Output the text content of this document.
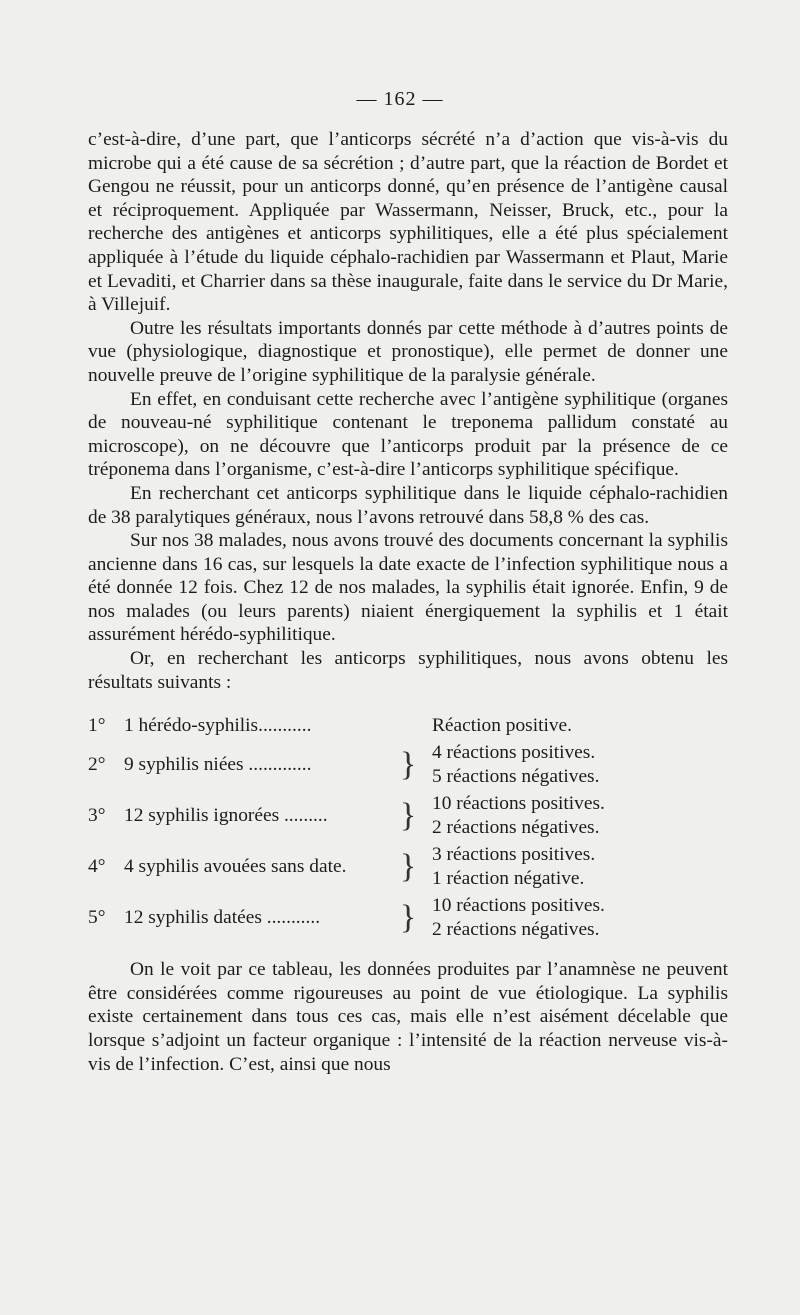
— 162 —

c’est-à-dire, d’une part, que l’anticorps sécrété n’a d’action que vis-à-vis du microbe qui a été cause de sa sécrétion ; d’autre part, que la réaction de Bordet et Gengou ne réussit, pour un anticorps donné, qu’en présence de l’antigène causal et réciproquement. Appliquée par Wassermann, Neisser, Bruck, etc., pour la recherche des antigènes et anticorps syphilitiques, elle a été plus spécialement appliquée à l’étude du liquide céphalo-rachidien par Wassermann et Plaut, Marie et Levaditi, et Charrier dans sa thèse inaugurale, faite dans le service du Dr Marie, à Villejuif.

Outre les résultats importants donnés par cette méthode à d’autres points de vue (physiologique, diagnostique et pronostique), elle permet de donner une nouvelle preuve de l’origine syphilitique de la paralysie générale.

En effet, en conduisant cette recherche avec l’antigène syphilitique (organes de nouveau-né syphilitique contenant le treponema pallidum constaté au microscope), on ne découvre que l’anticorps produit par la présence de ce tréponema dans l’organisme, c’est-à-dire l’anticorps syphilitique spécifique.

En recherchant cet anticorps syphilitique dans le liquide céphalo-rachidien de 38 paralytiques généraux, nous l’avons retrouvé dans 58,8 % des cas.

Sur nos 38 malades, nous avons trouvé des documents concernant la syphilis ancienne dans 16 cas, sur lesquels la date exacte de l’infection syphilitique nous a été donnée 12 fois. Chez 12 de nos malades, la syphilis était ignorée. Enfin, 9 de nos malades (ou leurs parents) niaient énergiquement la syphilis et 1 était assurément hérédo-syphilitique.

Or, en recherchant les anticorps syphilitiques, nous avons obtenu les résultats suivants :

1° 1 hérédo-syphilis...........	Réaction positive.
2° 9 syphilis niées .............	} 4 réactions positives.
5 réactions négatives.
3° 12 syphilis ignorées .........	} 10 réactions positives.
2 réactions négatives.
4° 4 syphilis avouées sans date.	} 3 réactions positives.
1 réaction négative.
5° 12 syphilis datées ...........	} 10 réactions positives.
2 réactions négatives.

On le voit par ce tableau, les données produites par l’anamnèse ne peuvent être considérées comme rigoureuses au point de vue étiologique. La syphilis existe certainement dans tous ces cas, mais elle n’est aisément décelable que lorsque s’adjoint un facteur organique : l’intensité de la réaction nerveuse vis-à-vis de l’infection. C’est, ainsi que nous
